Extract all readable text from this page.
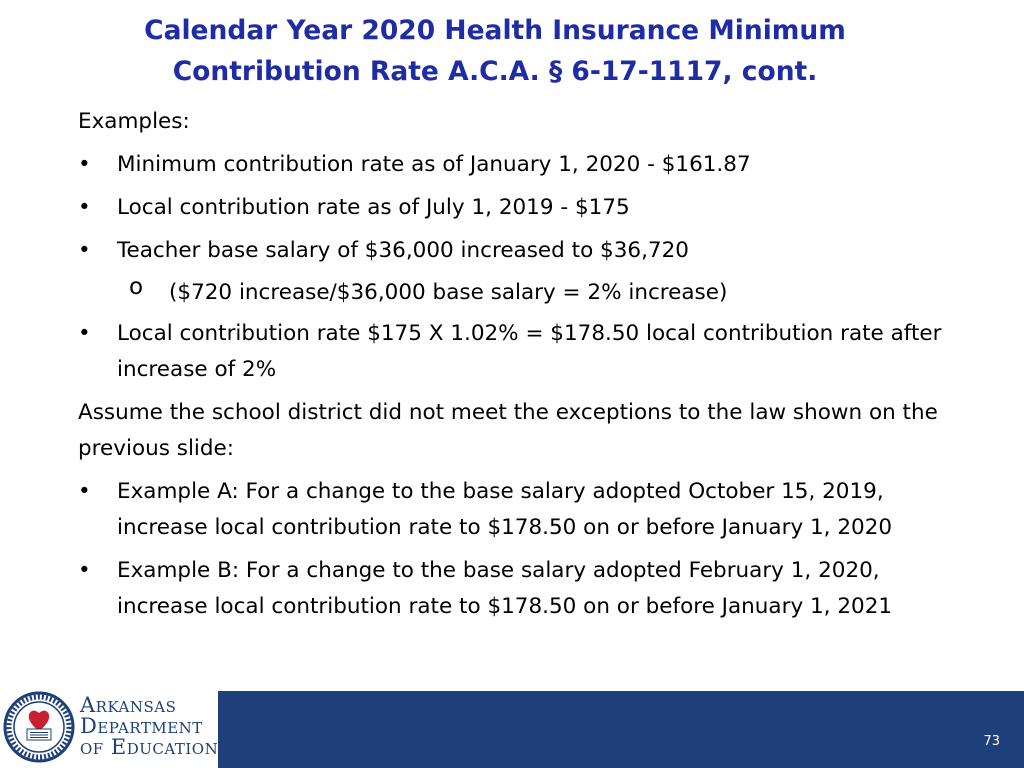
Calendar Year 2020 Health Insurance Minimum
Contribution Rate A.C.A. § 6-17-1117, cont.

Examples:

•	Minimum contribution rate as of January 1, 2020 - $161.87
•	Local contribution rate as of July 1, 2019 - $175
•	Teacher base salary of $36,000 increased to $36,720
o ($720 increase/$36,000 base salary = 2% increase)
•	Local contribution rate $175 X 1.02% = $178.50 local contribution rate after increase of 2%

Assume the school district did not meet the exceptions to the law shown on the previous slide:

•	Example A: For a change to the base salary adopted October 15, 2019, increase local contribution rate to $178.50 on or before January 1, 2020
•	Example B: For a change to the base salary adopted February 1, 2020, increase local contribution rate to $178.50 on or before January 1, 2021
Arkansas
Department
of Education	73
